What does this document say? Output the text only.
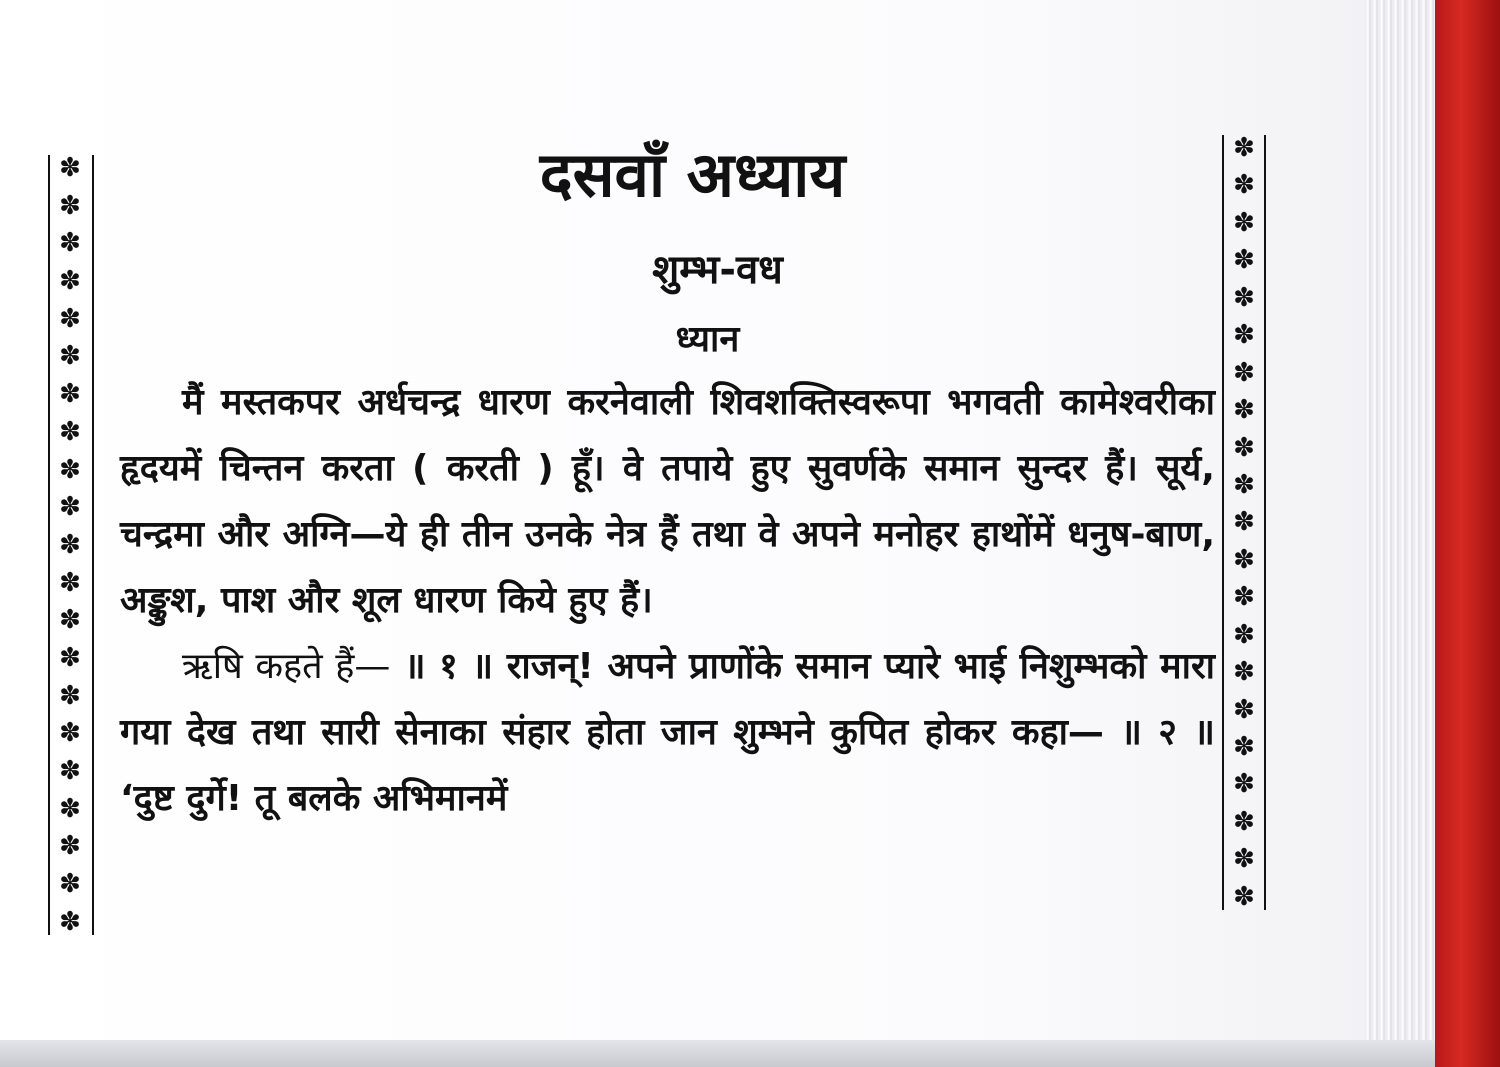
✽
✽
✽
✽
✽
✽
✽
✽
✽
✽
✽
✽
✽
✽
✽
✽
✽
✽
✽
✽
✽
✽
✽
✽
✽
✽
✽
✽
✽
✽
✽
✽
✽
✽
✽
✽
✽
✽
✽
✽
✽
✽
दसवाँ अध्याय
शुम्भ-वध
ध्यान

मैं मस्तकपर अर्धचन्द्र धारण करनेवाली शिवशक्तिस्वरूपा भगवती कामेश्वरीका हृदयमें चिन्तन करता ( करती ) हूँ। वे तपाये हुए सुवर्णके समान सुन्दर हैं। सूर्य, चन्द्रमा और अग्नि—ये ही तीन उनके नेत्र हैं तथा वे अपने मनोहर हाथोंमें धनुष-बाण, अङ्कुश, पाश और शूल धारण किये हुए हैं।

ऋषि कहते हैं— ॥ १ ॥ राजन्! अपने प्राणोंके समान प्यारे भाई निशुम्भको मारा गया देख तथा सारी सेनाका संहार होता जान शुम्भने कुपित होकर कहा— ॥ २ ॥ ‘दुष्ट दुर्गे! तू बलके अभिमानमें
